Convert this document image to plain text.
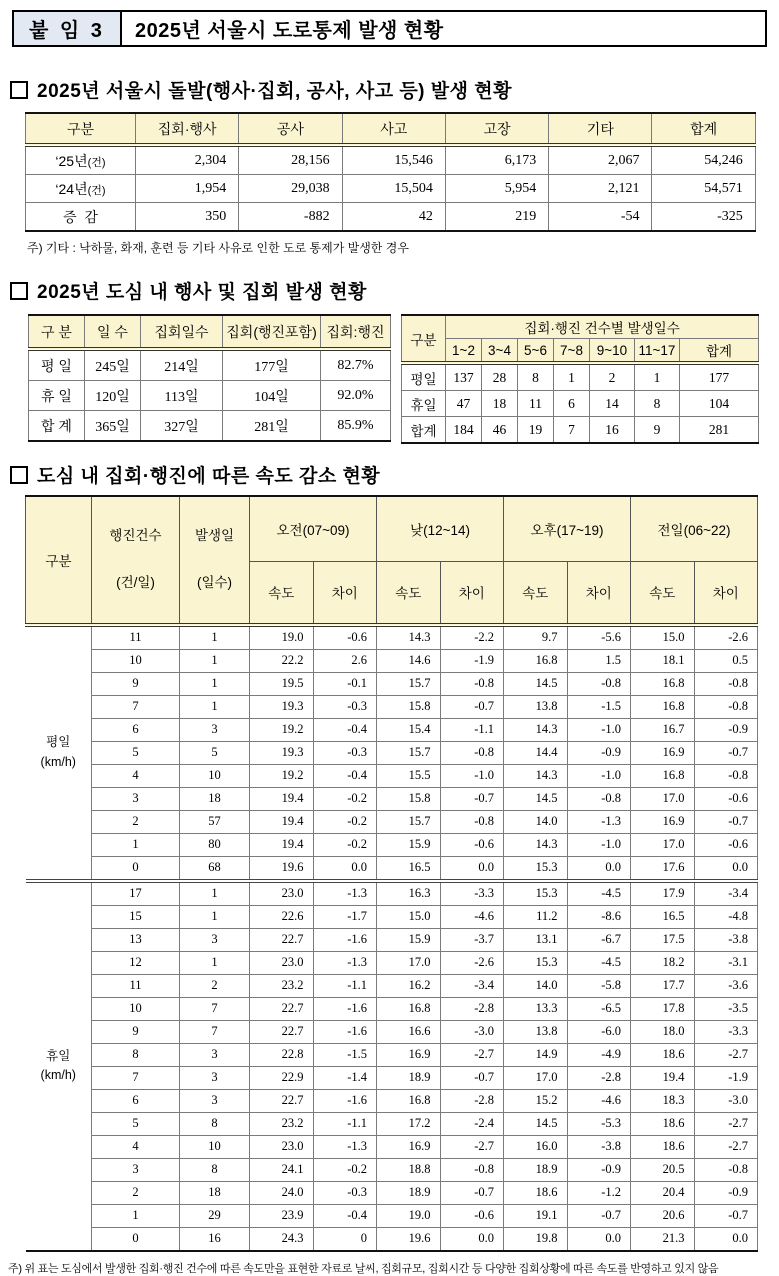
붙 임 3	2025년 서울시 도로통제 발생 현황
2025년 서울시 돌발(행사·집회, 공사, 사고 등) 발생 현황
구분	집회·행사	공사	사고	고장	기타	합계
‘25년(건)	2,304	28,156	15,546	6,173	2,067	54,246
‘24년(건)	1,954	29,038	15,504	5,954	2,121	54,571
증  감	350	-882	42	219	-54	-325
주) 기타 : 낙하물, 화재, 훈련 등 기타 사유로 인한 도로 통제가 발생한 경우
2025년 도심 내 행사 및 집회 발생 현황
구 분	일 수	집회일수	집회(행진포함)	집회:행진
평 일	245일	214일	177일	82.7%
휴 일	120일	113일	104일	92.0%
합 계	365일	327일	281일	85.9%
구분	집회·행진 건수별 발생일수						
	1~2	3~4	5~6	7~8	9~10	11~17	합계
평일	137	28	8	1	2	1	177
휴일	47	18	11	6	14	8	104
합계	184	46	19	7	16	9	281
도심 내 집회·행진에 따른 속도 감소 현황
구분	

행진건수

(건/일)

발생일

(일수)

	오전(07~09)	낮(12~14)	오후(17~19)	전일(06~22)
			속도	차이	속도	차이	속도	차이	속도	차이

평일
(km/h)	11	1	19.0	-0.6	14.3	-2.2	9.7	-5.6	15.0	-2.6
	10	1	22.2	2.6	14.6	-1.9	16.8	1.5	18.1	0.5
	9	1	19.5	-0.1	15.7	-0.8	14.5	-0.8	16.8	-0.8
	7	1	19.3	-0.3	15.8	-0.7	13.8	-1.5	16.8	-0.8
	6	3	19.2	-0.4	15.4	-1.1	14.3	-1.0	16.7	-0.9
	5	5	19.3	-0.3	15.7	-0.8	14.4	-0.9	16.9	-0.7
	4	10	19.2	-0.4	15.5	-1.0	14.3	-1.0	16.8	-0.8
	3	18	19.4	-0.2	15.8	-0.7	14.5	-0.8	17.0	-0.6
	2	57	19.4	-0.2	15.7	-0.8	14.0	-1.3	16.9	-0.7
	1	80	19.4	-0.2	15.9	-0.6	14.3	-1.0	17.0	-0.6
	0	68	19.6	0.0	16.5	0.0	15.3	0.0	17.6	0.0

휴일
(km/h)	17	1	23.0	-1.3	16.3	-3.3	15.3	-4.5	17.9	-3.4
	15	1	22.6	-1.7	15.0	-4.6	11.2	-8.6	16.5	-4.8
	13	3	22.7	-1.6	15.9	-3.7	13.1	-6.7	17.5	-3.8
	12	1	23.0	-1.3	17.0	-2.6	15.3	-4.5	18.2	-3.1
	11	2	23.2	-1.1	16.2	-3.4	14.0	-5.8	17.7	-3.6
	10	7	22.7	-1.6	16.8	-2.8	13.3	-6.5	17.8	-3.5
	9	7	22.7	-1.6	16.6	-3.0	13.8	-6.0	18.0	-3.3
	8	3	22.8	-1.5	16.9	-2.7	14.9	-4.9	18.6	-2.7
	7	3	22.9	-1.4	18.9	-0.7	17.0	-2.8	19.4	-1.9
	6	3	22.7	-1.6	16.8	-2.8	15.2	-4.6	18.3	-3.0
	5	8	23.2	-1.1	17.2	-2.4	14.5	-5.3	18.6	-2.7
	4	10	23.0	-1.3	16.9	-2.7	16.0	-3.8	18.6	-2.7
	3	8	24.1	-0.2	18.8	-0.8	18.9	-0.9	20.5	-0.8
	2	18	24.0	-0.3	18.9	-0.7	18.6	-1.2	20.4	-0.9
	1	29	23.9	-0.4	19.0	-0.6	19.1	-0.7	20.6	-0.7
	0	16	24.3	0	19.6	0.0	19.8	0.0	21.3	0.0
주) 위 표는 도심에서 발생한 집회·행진 건수에 따른 속도만을 표현한 자료로 날씨, 집회규모, 집회시간 등 다양한 집회상황에 따른 속도를 반영하고 있지 않음
